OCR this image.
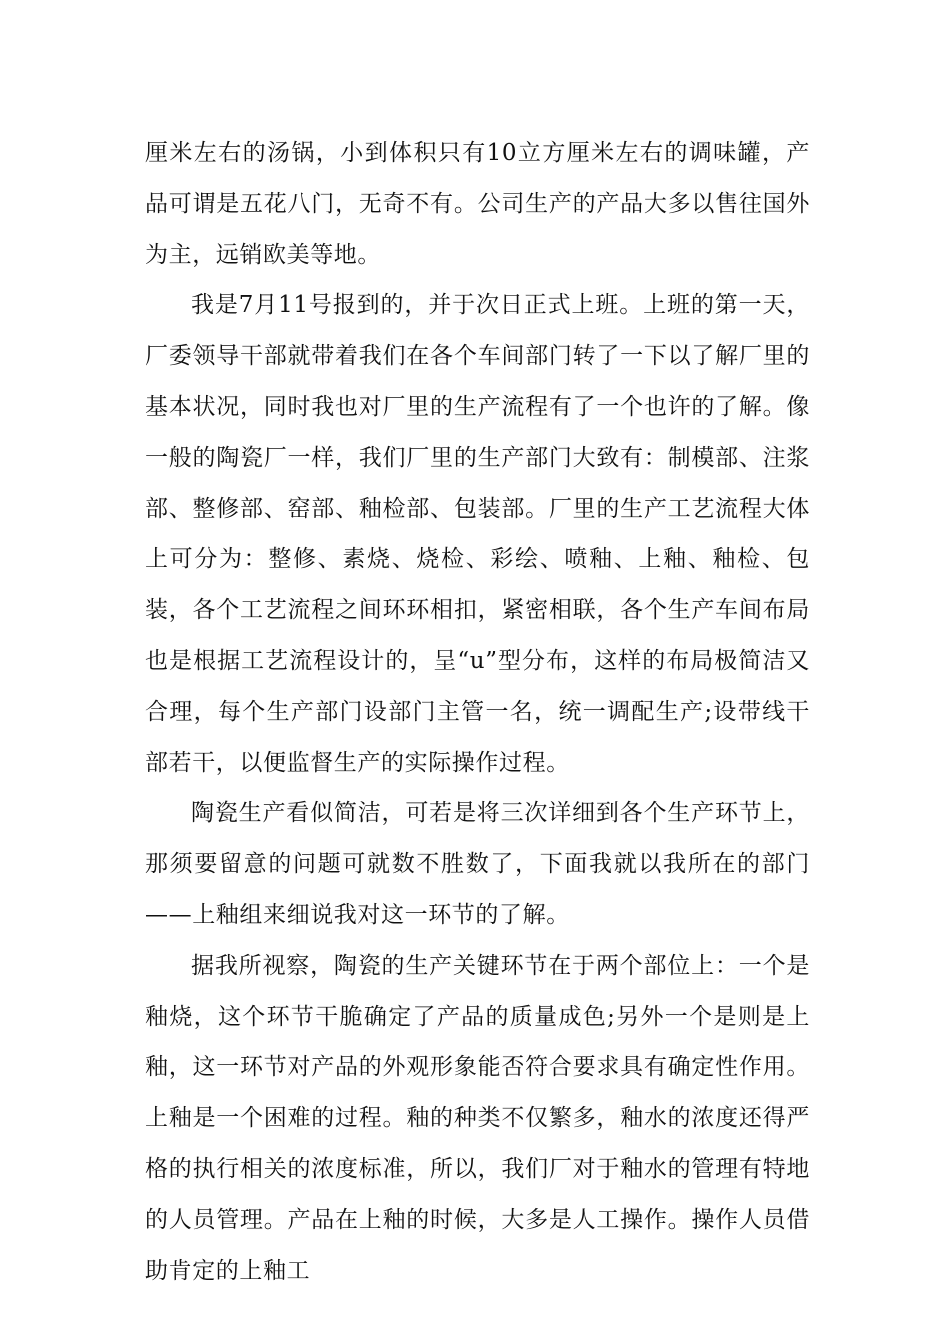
厘米左右的汤锅，小到体积只有10立方厘米左右的调味罐，产品可谓是五花八门，无奇不有。公司生产的产品大多以售往国外为主，远销欧美等地。

我是7月11号报到的，并于次日正式上班。上班的第一天，厂委领导干部就带着我们在各个车间部门转了一下以了解厂里的基本状况，同时我也对厂里的生产流程有了一个也许的了解。像一般的陶瓷厂一样，我们厂里的生产部门大致有：制模部、注浆部、整修部、窑部、釉检部、包装部。厂里的生产工艺流程大体上可分为：整修、素烧、烧检、彩绘、喷釉、上釉、釉检、包装，各个工艺流程之间环环相扣，紧密相联，各个生产车间布局也是根据工艺流程设计的，呈“u”型分布，这样的布局极简洁又合理，每个生产部门设部门主管一名，统一调配生产;设带线干部若干，以便监督生产的实际操作过程。

陶瓷生产看似简洁，可若是将三次详细到各个生产环节上，那须要留意的问题可就数不胜数了，下面我就以我所在的部门——上釉组来细说我对这一环节的了解。

据我所视察，陶瓷的生产关键环节在于两个部位上：一个是釉烧，这个环节干脆确定了产品的质量成色;另外一个是则是上釉，这一环节对产品的外观形象能否符合要求具有确定性作用。上釉是一个困难的过程。釉的种类不仅繁多，釉水的浓度还得严格的执行相关的浓度标准，所以，我们厂对于釉水的管理有特地的人员管理。产品在上釉的时候，大多是人工操作。操作人员借助肯定的上釉工
